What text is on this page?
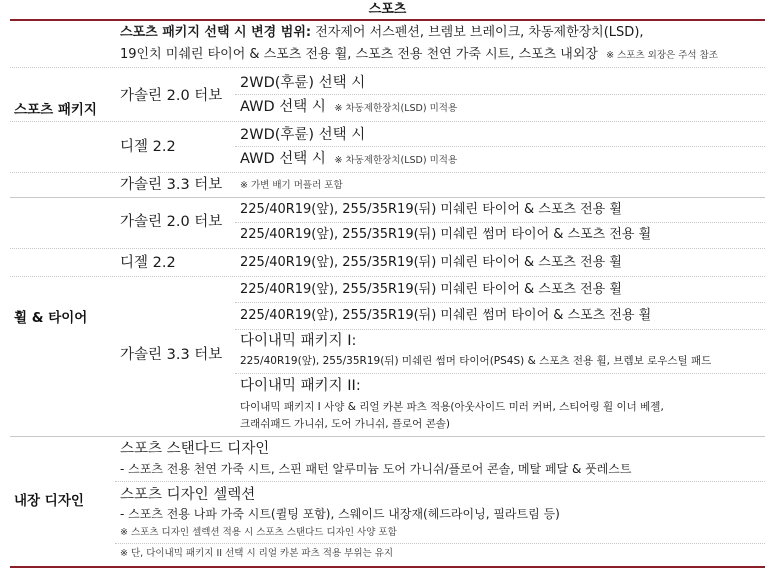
스포츠
스포츠 패키지
스포츠 패키지 선택 시 변경 범위: 전자제어 서스펜션, 브렘보 브레이크, 차동제한장치(LSD),
19인치 미쉐린 타이어 & 스포츠 전용 휠, 스포츠 전용 천연 가죽 시트, 스포츠 내외장 ※ 스포츠 외장은 주석 참조
가솔린 2.0 터보
2WD(후륜) 선택 시
AWD 선택 시 ※ 차동제한장치(LSD) 미적용
디젤 2.2
2WD(후륜) 선택 시
AWD 선택 시 ※ 차동제한장치(LSD) 미적용
가솔린 3.3 터보 ※ 가변 배기 머플러 포함
휠 & 타이어
가솔린 2.0 터보
225/40R19(앞), 255/35R19(뒤) 미쉐린 타이어 & 스포츠 전용 휠
225/40R19(앞), 255/35R19(뒤) 미쉐린 썸머 타이어 & 스포츠 전용 휠
디젤 2.2	225/40R19(앞), 255/35R19(뒤) 미쉐린 타이어 & 스포츠 전용 휠
가솔린 3.3 터보
225/40R19(앞), 255/35R19(뒤) 미쉐린 타이어 & 스포츠 전용 휠
225/40R19(앞), 255/35R19(뒤) 미쉐린 썸머 타이어 & 스포츠 전용 휠
다이내믹 패키지 I:
225/40R19(앞), 255/35R19(뒤) 미쉐린 썸머 타이어(PS4S) & 스포츠 전용 휠, 브렘보 로우스틸 패드
다이내믹 패키지 II:
다이내믹 패키지 I 사양 & 리얼 카본 파츠 적용(아웃사이드 미러 커버, 스티어링 휠 이너 베젤,
크래쉬패드 가니쉬, 도어 가니쉬, 플로어 콘솔)
내장 디자인
스포츠 스탠다드 디자인
- 스포츠 전용 천연 가죽 시트, 스핀 패턴 알루미늄 도어 가니쉬/플로어 콘솔, 메탈 페달 & 풋레스트
스포츠 디자인 셀렉션
- 스포츠 전용 나파 가죽 시트(퀼팅 포함), 스웨이드 내장재(헤드라이닝, 필라트림 등)
※ 스포츠 디자인 셀렉션 적용 시 스포츠 스탠다드 디자인 사양 포함
※ 단, 다이내믹 패키지 II 선택 시 리얼 카본 파츠 적용 부위는 유지
